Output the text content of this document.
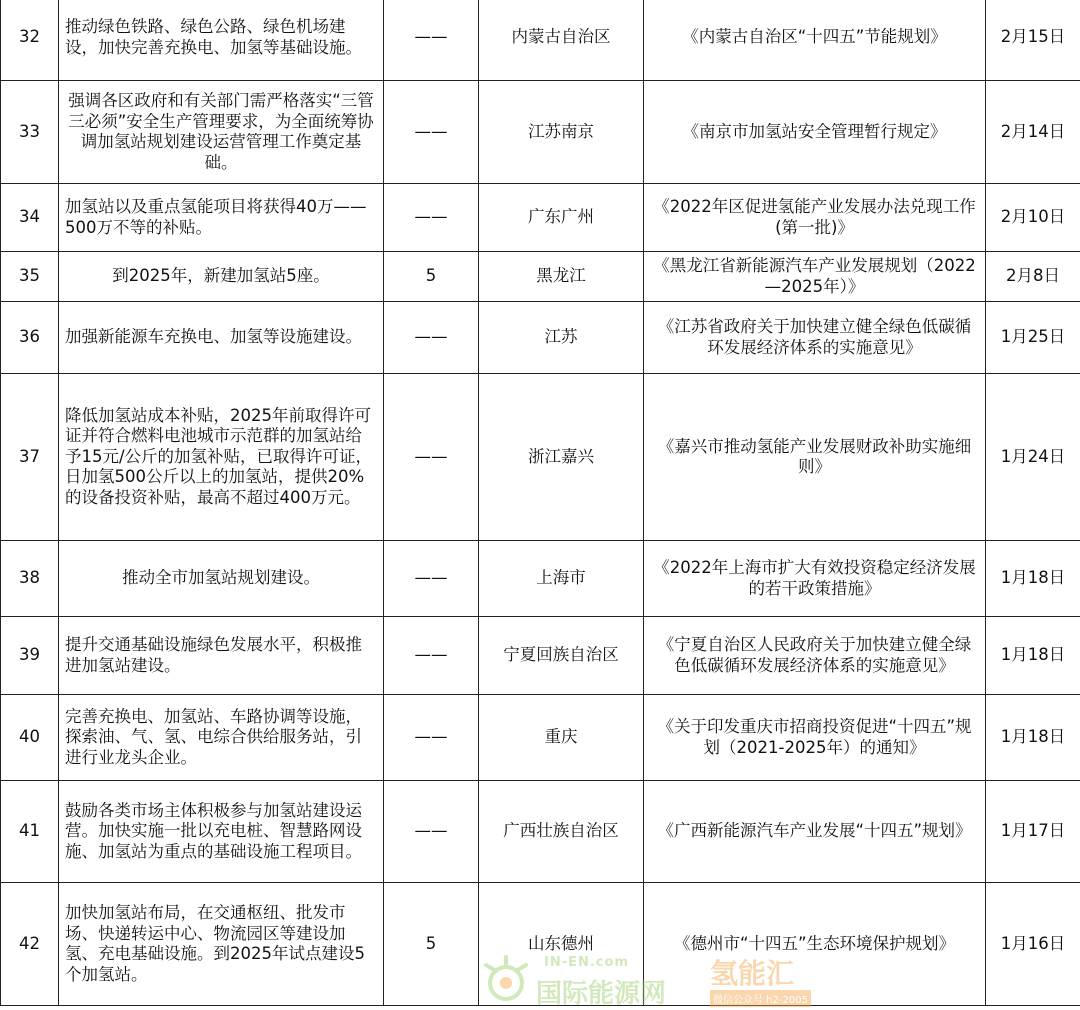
32	推动绿色铁路、绿色公路、绿色机场建设，加快完善充换电、加氢等基础设施。	——	内蒙古自治区	《内蒙古自治区“十四五”节能规划》	2月15日
33	强调各区政府和有关部门需严格落实“三管三必须”安全生产管理要求，为全面统筹协调加氢站规划建设运营管理工作奠定基础。	——	江苏南京	《南京市加氢站安全管理暂行规定》	2月14日
34	加氢站以及重点氢能项目将获得40万——500万不等的补贴。	——	广东广州	《2022年区促进氢能产业发展办法兑现工作(第一批)》	2月10日
35	到2025年，新建加氢站5座。	5	黑龙江	《黑龙江省新能源汽车产业发展规划（2022—2025年）》	2月8日
36	加强新能源车充换电、加氢等设施建设。	——	江苏	《江苏省政府关于加快建立健全绿色低碳循环发展经济体系的实施意见》	1月25日
37	降低加氢站成本补贴，2025年前取得许可证并符合燃料电池城市示范群的加氢站给予15元/公斤的加氢补贴，已取得许可证，日加氢500公斤以上的加氢站，提供20%的设备投资补贴，最高不超过400万元。	——	浙江嘉兴	《嘉兴市推动氢能产业发展财政补助实施细则》	1月24日
38	推动全市加氢站规划建设。	——	上海市	《2022年上海市扩大有效投资稳定经济发展的若干政策措施》	1月18日
39	提升交通基础设施绿色发展水平，积极推进加氢站建设。	——	宁夏回族自治区	《宁夏自治区人民政府关于加快建立健全绿色低碳循环发展经济体系的实施意见》	1月18日
40	完善充换电、加氢站、车路协调等设施，探索油、气、氢、电综合供给服务站，引进行业龙头企业。	——	重庆	《关于印发重庆市招商投资促进“十四五”规划（2021-2025年）的通知》	1月18日
41	鼓励各类市场主体积极参与加氢站建设运营。加快实施一批以充电桩、智慧路网设施、加氢站为重点的基础设施工程项目。	——	广西壮族自治区	《广西新能源汽车产业发展“十四五”规划》	1月17日
42	加快加氢站布局，在交通枢纽、批发市场、快递转运中心、物流园区等建设加氢、充电基础设施。到2025年试点建设5个加氢站。	5	山东德州	《德州市“十四五”生态环境保护规划》	1月16日
IN-EN.com
国际能源网
氢能汇
微信公众号 h2-2005
